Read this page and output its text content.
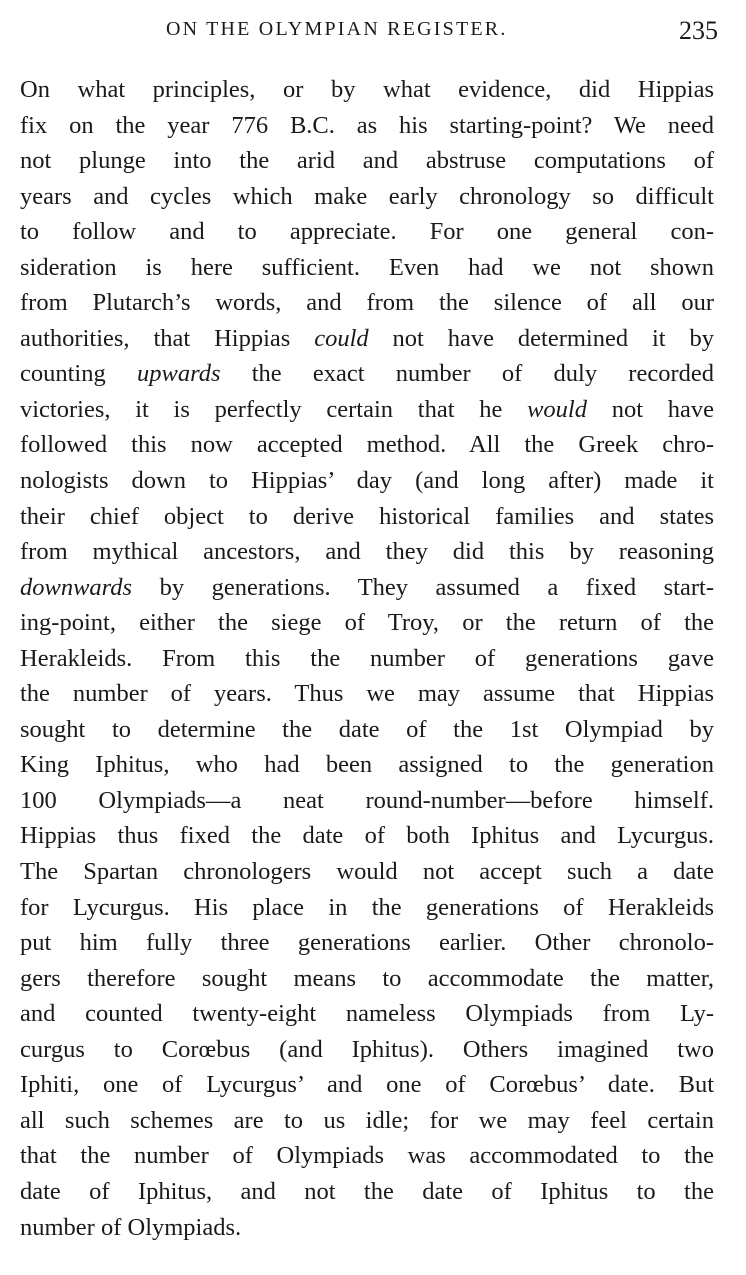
ON THE OLYMPIAN REGISTER.	235
On what principles, or by what evidence, did Hippias
fix on the year 776 B.C. as his starting-point? We need
not plunge into the arid and abstruse computations of
years and cycles which make early chronology so difficult
to follow and to appreciate. For one general con-
sideration is here sufficient. Even had we not shown
from Plutarch’s words, and from the silence of all our
authorities, that Hippias could not have determined it by
counting upwards the exact number of duly recorded
victories, it is perfectly certain that he would not have
followed this now accepted method. All the Greek chro-
nologists down to Hippias’ day (and long after) made it
their chief object to derive historical families and states
from mythical ancestors, and they did this by reasoning
downwards by generations. They assumed a fixed start-
ing-point, either the siege of Troy, or the return of the
Herakleids. From this the number of generations gave
the number of years. Thus we may assume that Hippias
sought to determine the date of the 1st Olympiad by
King Iphitus, who had been assigned to the generation
100 Olympiads—a neat round-number—before himself.
Hippias thus fixed the date of both Iphitus and Lycurgus.
The Spartan chronologers would not accept such a date
for Lycurgus. His place in the generations of Herakleids
put him fully three generations earlier. Other chronolo-
gers therefore sought means to accommodate the matter,
and counted twenty-eight nameless Olympiads from Ly-
curgus to Corœbus (and Iphitus). Others imagined two
Iphiti, one of Lycurgus’ and one of Corœbus’ date. But
all such schemes are to us idle; for we may feel certain
that the number of Olympiads was accommodated to the
date of Iphitus, and not the date of Iphitus to the
number of Olympiads.
